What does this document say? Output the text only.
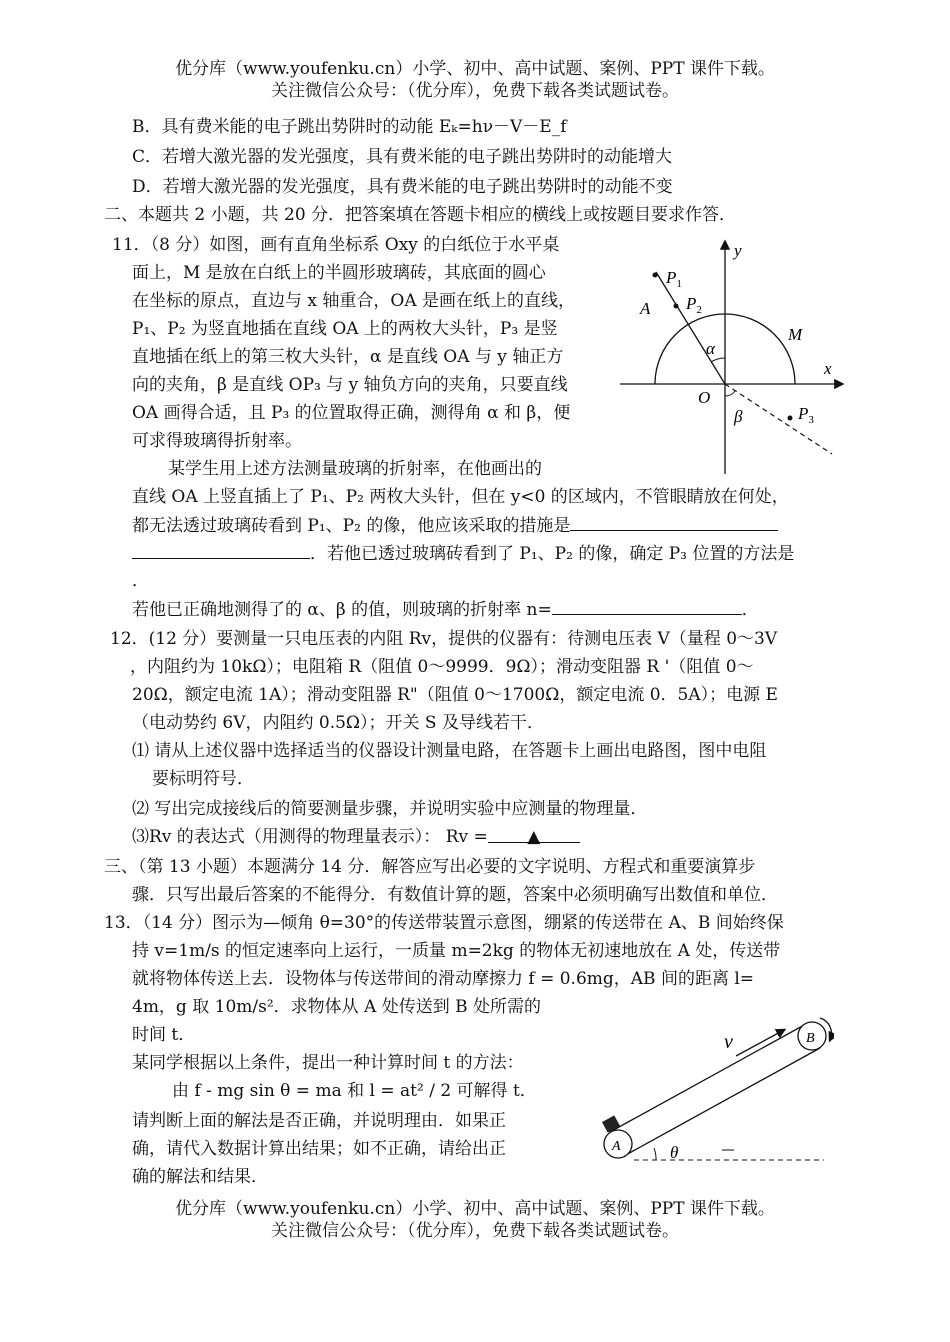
优分库（www.youfenku.cn）小学、初中、高中试题、案例、PPT 课件下载。
关注微信公众号：（优分库），免费下载各类试题试卷。
B．具有费米能的电子跳出势阱时的动能 Eₖ=hν－V－E_f
C．若增大激光器的发光强度，具有费米能的电子跳出势阱时的动能增大
D．若增大激光器的发光强度，具有费米能的电子跳出势阱时的动能不变
二、本题共 2 小题，共 20 分．把答案填在答题卡相应的横线上或按题目要求作答．
11．（8 分）如图，画有直角坐标系 Oxy 的白纸位于水平桌
面上，M 是放在白纸上的半圆形玻璃砖，其底面的圆心
在坐标的原点，直边与 x 轴重合，OA 是画在纸上的直线，
P₁、P₂ 为竖直地插在直线 OA 上的两枚大头针，P₃ 是竖
直地插在纸上的第三枚大头针，α 是直线 OA 与 y 轴正方
向的夹角，β 是直线 OP₃ 与 y 轴负方向的夹角，只要直线
OA 画得合适，且 P₃ 的位置取得正确，测得角 α 和 β，便
可求得玻璃得折射率。
某学生用上述方法测量玻璃的折射率，在他画出的
直线 OA 上竖直插上了 P₁、P₂ 两枚大头针，但在 y<0 的区域内，不管眼睛放在何处，
都无法透过玻璃砖看到 P₁、P₂ 的像，他应该采取的措施是
．若他已透过玻璃砖看到了 P₁、P₂ 的像，确定 P₃ 位置的方法是
．
若他已正确地测得了的 α、β 的值，则玻璃的折射率 n=	．
y
x
O
A
M
α
β
$P_1$
$P_2$
$P_3$
12．(12 分）要测量一只电压表的内阻 Rv，提供的仪器有：待测电压表 V（量程 0～3V
，内阻约为 10kΩ）；电阻箱 R（阻值 0～9999．9Ω）；滑动变阻器 R '（阻值 0～
20Ω，额定电流 1A）；滑动变阻器 R"（阻值 0～1700Ω，额定电流 0．5A）；电源 E
（电动势约 6V，内阻约 0.5Ω）；开关 S 及导线若干．
⑴ 请从上述仪器中选择适当的仪器设计测量电路，在答题卡上画出电路图，图中电阻
要标明符号．
⑵ 写出完成接线后的简要测量步骤，并说明实验中应测量的物理量．
⑶Rv 的表达式（用测得的物理量表示）： Rv = ▲
三、（第 13 小题）本题满分 14 分．解答应写出必要的文字说明、方程式和重要演算步
骤．只写出最后答案的不能得分．有数值计算的题，答案中必须明确写出数值和单位．
13．（14 分）图示为—倾角 θ=30°的传送带装置示意图，绷紧的传送带在 A、B 间始终保
持 v=1m/s 的恒定速率向上运行，一质量 m=2kg 的物体无初速地放在 A 处，传送带
就将物体传送上去．设物体与传送带间的滑动摩擦力 f = 0.6mg，AB 间的距离 l=
4m，g 取 10m/s²．求物体从 A 处传送到 B 处所需的
时间 t．
某同学根据以上条件，提出一种计算时间 t 的方法：
由 f - mg sin θ = ma 和 l = at² / 2 可解得 t．
请判断上面的解法是否正确，并说明理由．如果正
确，请代入数据计算出结果；如不正确，请给出正
确的解法和结果．
v
A
B
θ
优分库（www.youfenku.cn）小学、初中、高中试题、案例、PPT 课件下载。
关注微信公众号：（优分库），免费下载各类试题试卷。
